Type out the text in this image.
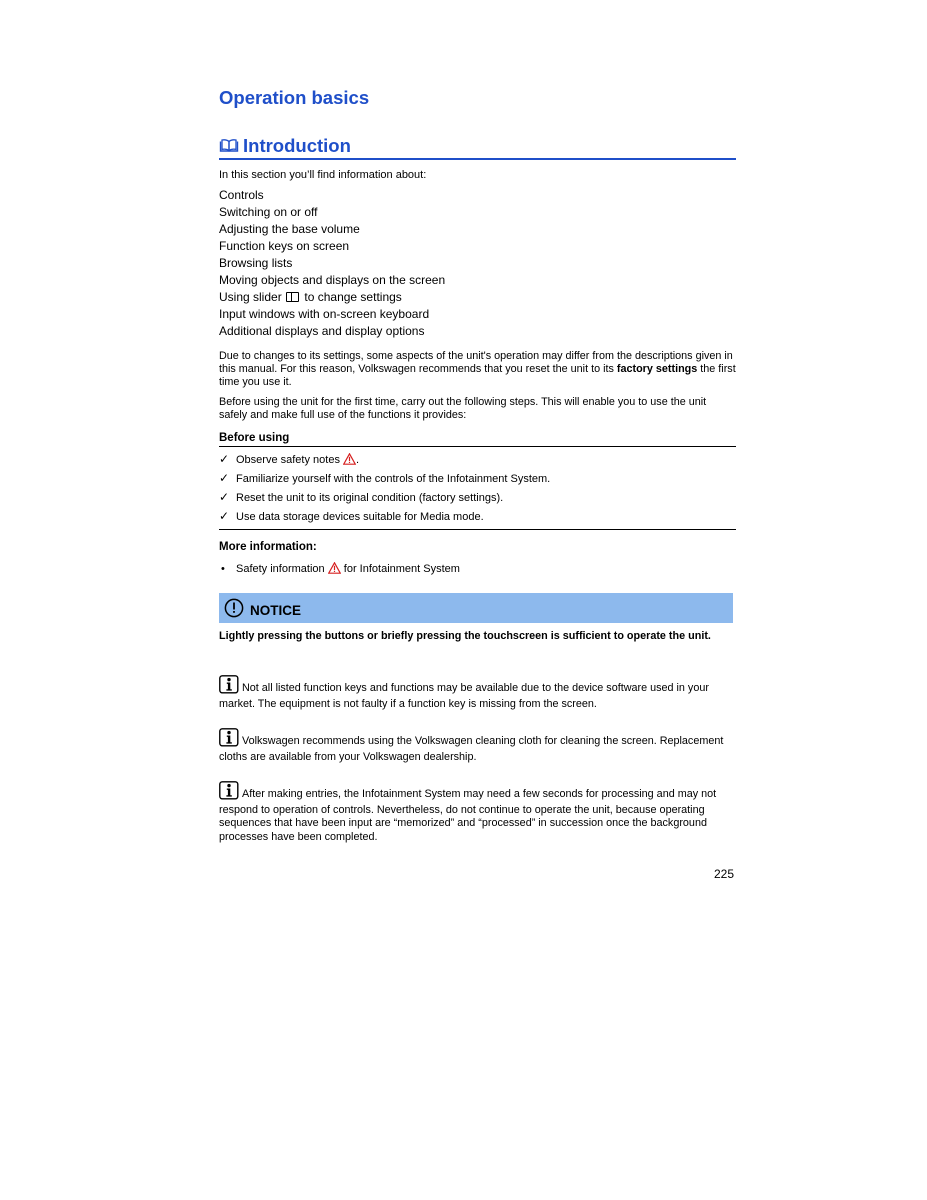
Operation basics
Introduction
In this section you’ll find information about:
Controls
Switching on or off
Adjusting the base volume
Function keys on screen
Browsing lists
Moving objects and displays on the screen
Using slider to change settings
Input windows with on-screen keyboard
Additional displays and display options
Due to changes to its settings, some aspects of the unit's operation may differ from the descriptions given in this manual. For this reason, Volkswagen recommends that you reset the unit to its factory settings the first time you use it.
Before using the unit for the first time, carry out the following steps. This will enable you to use the unit safely and make full use of the functions it provides:
Before using
✓ Observe safety notes .
✓ Familiarize yourself with the controls of the Infotainment System.
✓ Reset the unit to its original condition (factory settings).
✓ Use data storage devices suitable for Media mode.
More information:
• Safety information for Infotainment System
NOTICE
Lightly pressing the buttons or briefly pressing the touchscreen is sufficient to operate the unit.
Not all listed function keys and functions may be available due to the device software used in your market. The equipment is not faulty if a function key is missing from the screen.
Volkswagen recommends using the Volkswagen cleaning cloth for cleaning the screen. Replacement cloths are available from your Volkswagen dealership.
After making entries, the Infotainment System may need a few seconds for processing and may not respond to operation of controls. Nevertheless, do not continue to operate the unit, because operating sequences that have been input are “memorized” and “processed” in succession once the background processes have been completed.
225
